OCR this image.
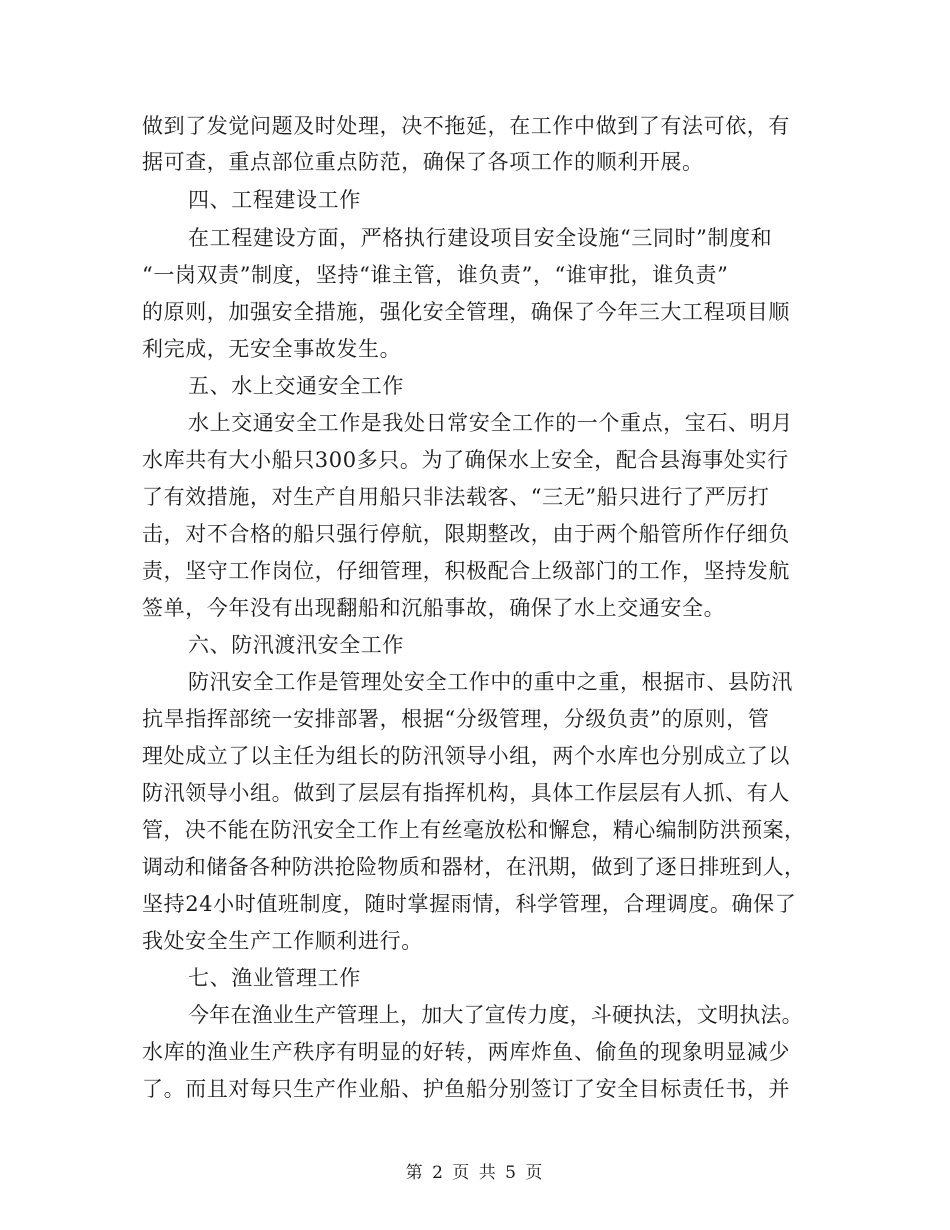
做到了发觉问题及时处理，决不拖延，在工作中做到了有法可依，有
据可查，重点部位重点防范，确保了各项工作的顺利开展。
四、工程建设工作
在工程建设方面，严格执行建设项目安全设施“三同时”制度和
“一岗双责”制度，坚持“谁主管，谁负责”，“谁审批，谁负责”
的原则，加强安全措施，强化安全管理，确保了今年三大工程项目顺
利完成，无安全事故发生。
五、水上交通安全工作
水上交通安全工作是我处日常安全工作的一个重点，宝石、明月
水库共有大小船只300多只。为了确保水上安全，配合县海事处实行
了有效措施，对生产自用船只非法载客、“三无”船只进行了严厉打
击，对不合格的船只强行停航，限期整改，由于两个船管所作仔细负
责，坚守工作岗位，仔细管理，积极配合上级部门的工作，坚持发航
签单，今年没有出现翻船和沉船事故，确保了水上交通安全。
六、防汛渡汛安全工作
防汛安全工作是管理处安全工作中的重中之重，根据市、县防汛
抗旱指挥部统一安排部署，根据“分级管理，分级负责”的原则，管
理处成立了以主任为组长的防汛领导小组，两个水库也分别成立了以
防汛领导小组。做到了层层有指挥机构，具体工作层层有人抓、有人
管，决不能在防汛安全工作上有丝毫放松和懈怠，精心编制防洪预案，
调动和储备各种防洪抢险物质和器材，在汛期，做到了逐日排班到人，
坚持24小时值班制度，随时掌握雨情，科学管理，合理调度。确保了
我处安全生产工作顺利进行。
七、渔业管理工作
今年在渔业生产管理上，加大了宣传力度，斗硬执法，文明执法。
水库的渔业生产秩序有明显的好转，两库炸鱼、偷鱼的现象明显减少
了。而且对每只生产作业船、护鱼船分别签订了安全目标责任书，并
第 2 页 共 5 页
